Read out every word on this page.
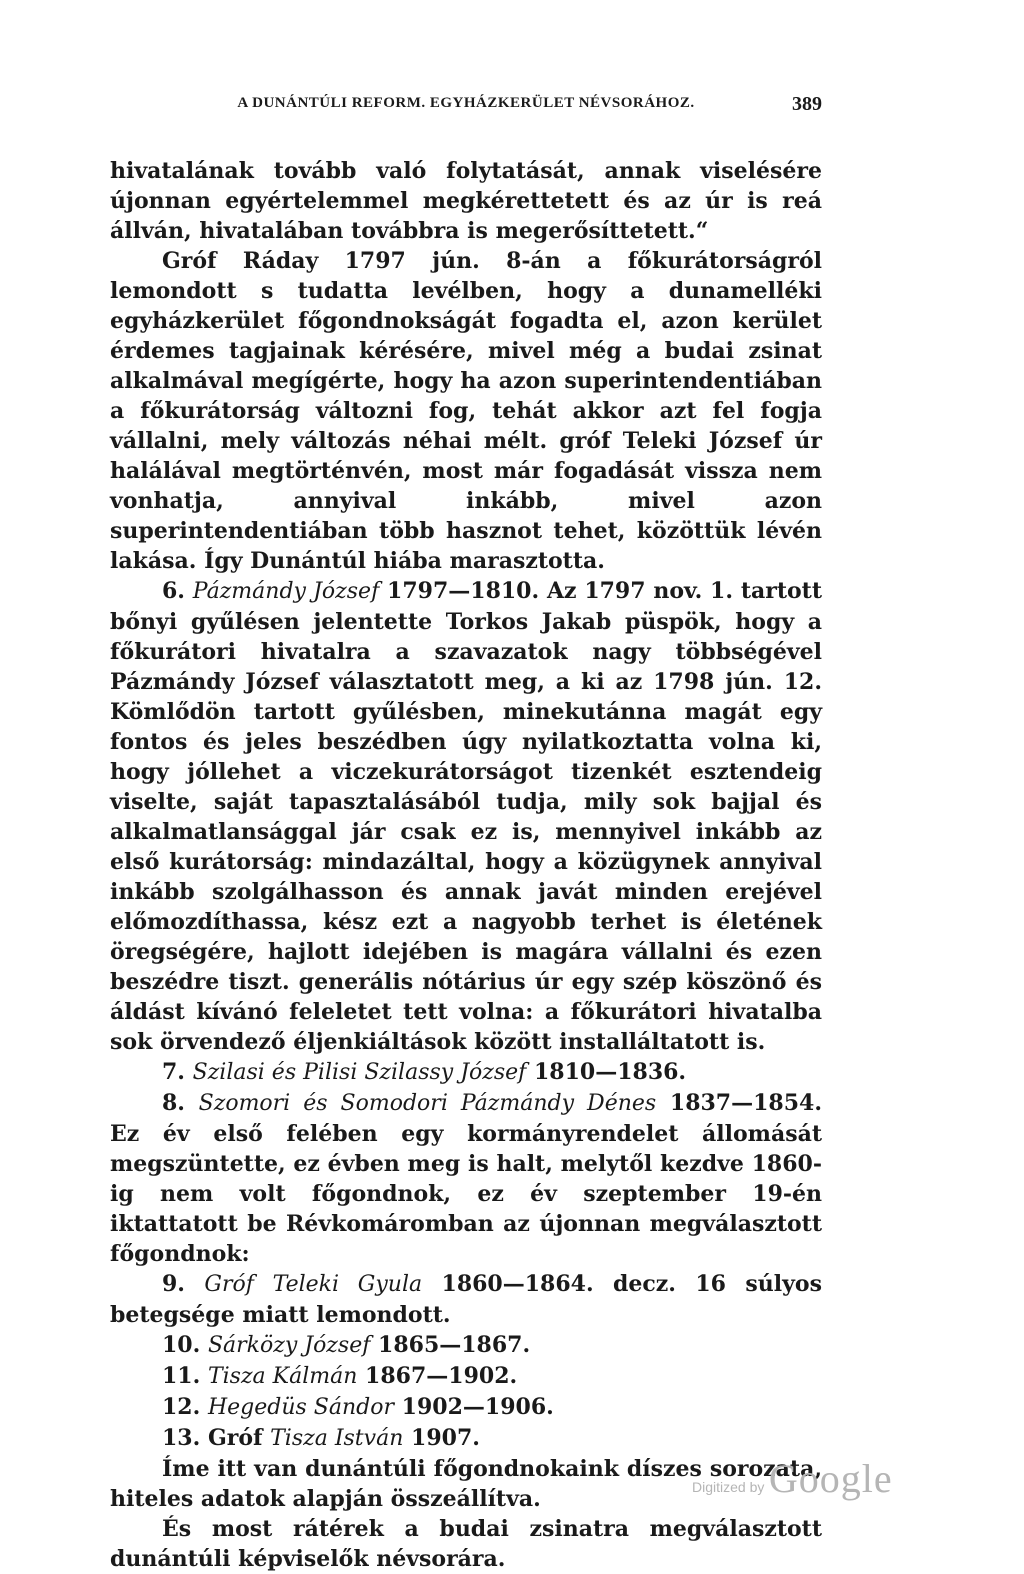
A DUNÁNTÚLI REFORM. EGYHÁZKERÜLET NÉVSORÁHOZ.	389

hivatalának tovább való folytatását, annak viselésére újonnan egyértelemmel megkérettetett és az úr is reá állván, hivatalában továbbra is megerősíttetett.“

Gróf Ráday 1797 jún. 8-án a főkurátorságról lemondott s tudatta levélben, hogy a dunamelléki egyházkerület főgondnokságát fogadta el, azon kerület érdemes tagjainak kérésére, mivel még a budai zsinat alkalmával megígérte, hogy ha azon superintendentiában a főkurátorság változni fog, tehát akkor azt fel fogja vállalni, mely változás néhai mélt. gróf Teleki József úr halálával megtörténvén, most már fogadását vissza nem vonhatja, annyival inkább, mivel azon superintendentiában több hasznot tehet, közöttük lévén lakása. Így Dunántúl hiába marasztotta.

6. Pázmándy József 1797—1810. Az 1797 nov. 1. tartott bőnyi gyűlésen jelentette Torkos Jakab püspök, hogy a főkurátori hivatalra a szavazatok nagy többségével Pázmándy József választatott meg, a ki az 1798 jún. 12. Kömlődön tartott gyűlésben, minekutánna magát egy fontos és jeles beszédben úgy nyilatkoztatta volna ki, hogy jóllehet a viczekurátorságot tizenkét esztendeig viselte, saját tapasztalásából tudja, mily sok bajjal és alkalmatlansággal jár csak ez is, mennyivel inkább az első kurátorság: mindazáltal, hogy a közügynek annyival inkább szolgálhasson és annak javát minden erejével előmozdíthassa, kész ezt a nagyobb terhet is életének öregségére, hajlott idejében is magára vállalni és ezen beszédre tiszt. generális nótárius úr egy szép köszönő és áldást kívánó feleletet tett volna: a főkurátori hivatalba sok örvendező éljenkiáltások között installáltatott is.

7. Szilasi és Pilisi Szilassy József 1810—1836.

8. Szomori és Somodori Pázmándy Dénes 1837—1854. Ez év első felében egy kormányrendelet állomását megszüntette, ez évben meg is halt, melytől kezdve 1860-ig nem volt főgondnok, ez év szeptember 19-én iktattatott be Révkomáromban az újonnan megválasztott főgondnok:

9. Gróf Teleki Gyula 1860—1864. decz. 16 súlyos betegsége miatt lemondott.

10. Sárközy József 1865—1867.

11. Tisza Kálmán 1867—1902.

12. Hegedüs Sándor 1902—1906.

13. Gróf Tisza István 1907.

Íme itt van dunántúli főgondnokaink díszes sorozata, hiteles adatok alapján összeállítva.

És most rátérek a budai zsinatra megválasztott dunántúli képviselők névsorára.

Digitized by Google
